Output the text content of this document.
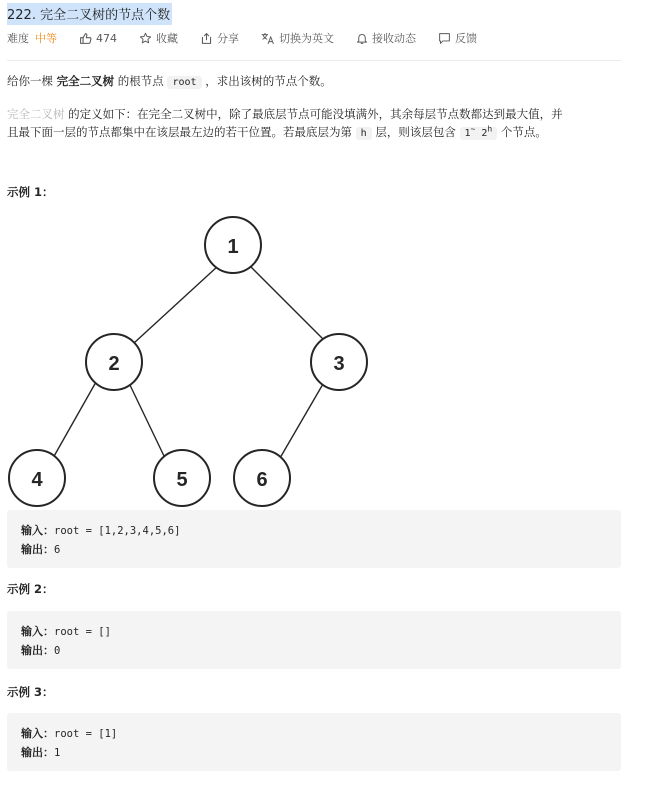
222. 完全二叉树的节点个数
难度 中等	474	收藏	分享	切换为英文	接收动态	反馈
给你一棵 完全二叉树 的根节点 root ，求出该树的节点个数。
完全二叉树 的定义如下：在完全二叉树中，除了最底层节点可能没填满外，其余每层节点数都达到最大值，并
且最下面一层的节点都集中在该层最左边的若干位置。若最底层为第 h 层，则该层包含 1~ 2$^h$ 个节点。
示例 1：
1
2	3
4	5	6
输入：root = [1,2,3,4,5,6]
输出：6
示例 2：
输入：root = []
输出：0
示例 3：
输入：root = [1]
输出：1
